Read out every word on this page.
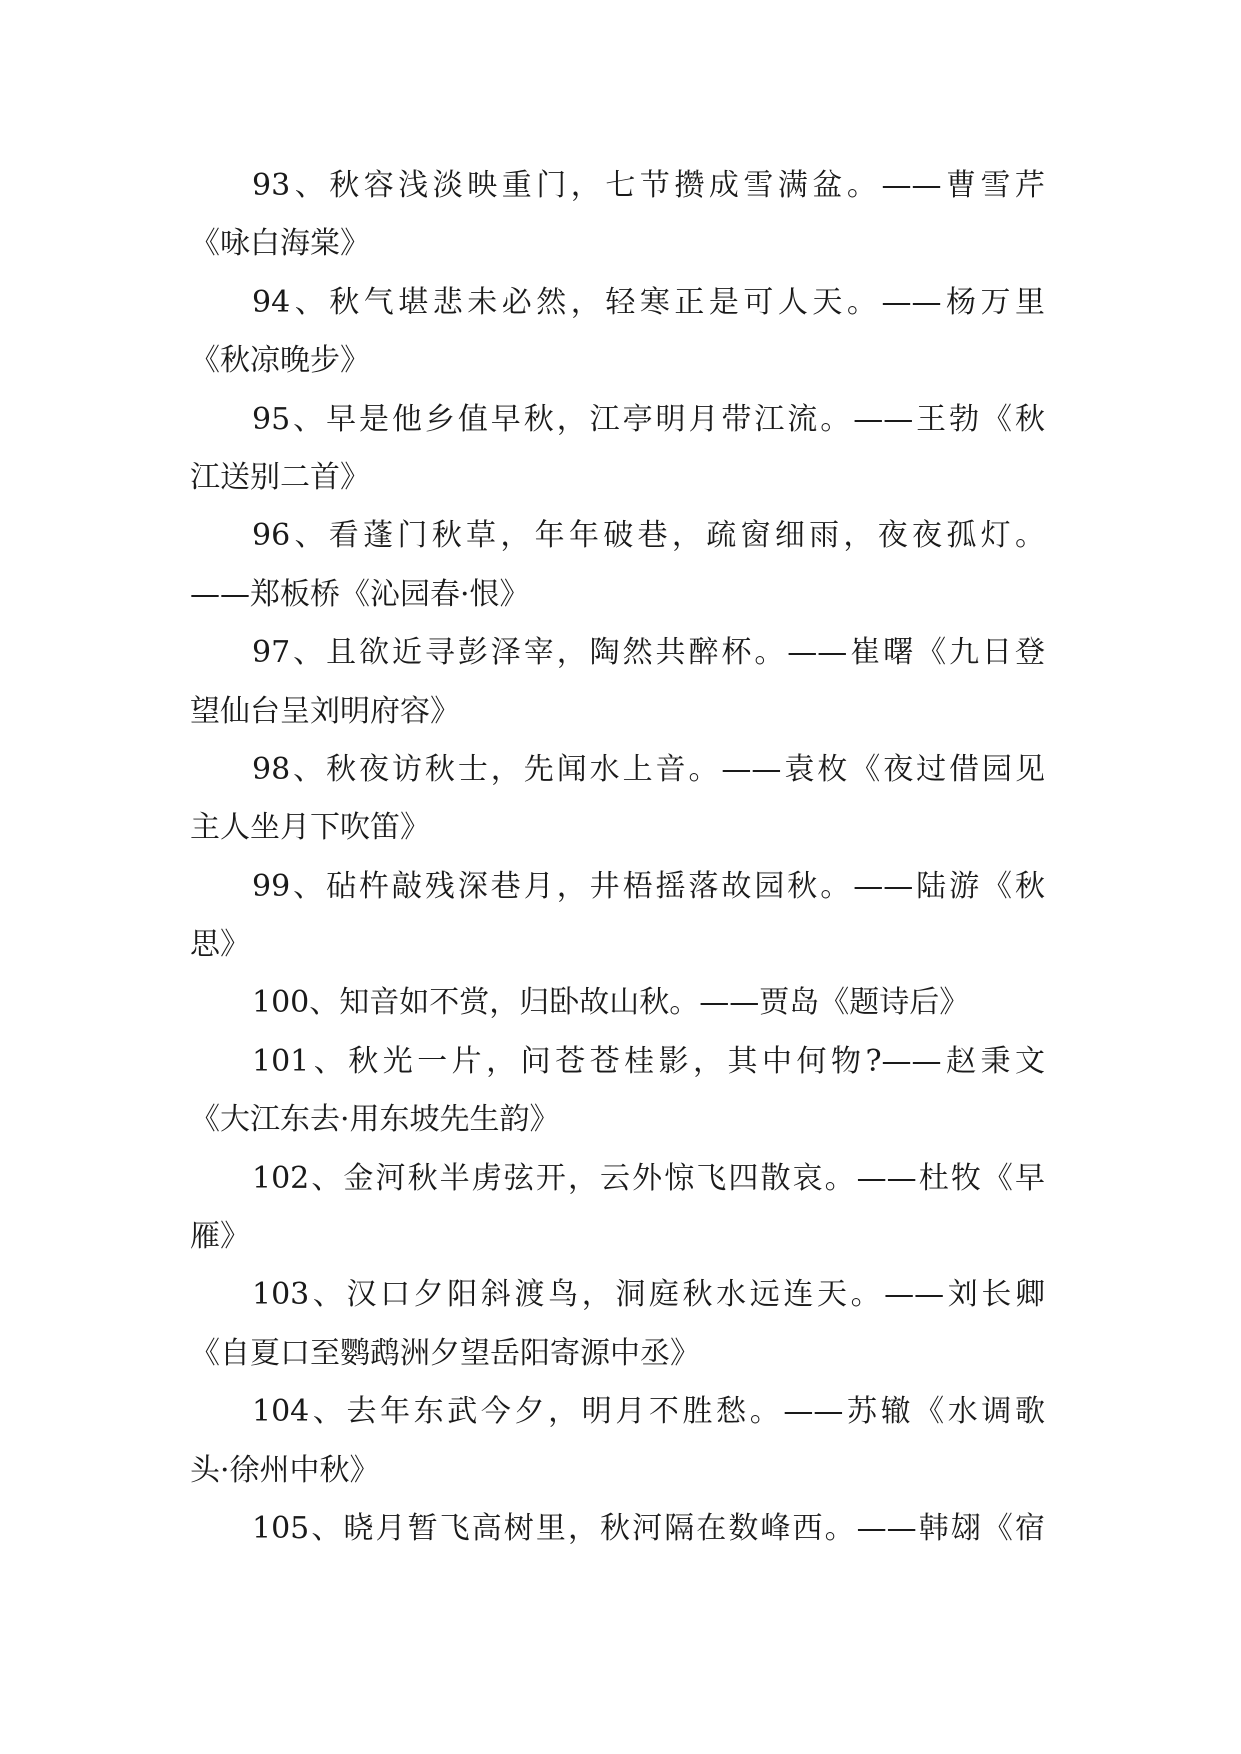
93、秋容浅淡映重门，七节攒成雪满盆。——曹雪芹
《咏白海棠》
94、秋气堪悲未必然，轻寒正是可人天。——杨万里
《秋凉晚步》
95、早是他乡值早秋，江亭明月带江流。——王勃《秋
江送别二首》
96、看蓬门秋草，年年破巷，疏窗细雨，夜夜孤灯。
——郑板桥《沁园春·恨》
97、且欲近寻彭泽宰，陶然共醉杯。——崔曙《九日登
望仙台呈刘明府容》
98、秋夜访秋士，先闻水上音。——袁枚《夜过借园见
主人坐月下吹笛》
99、砧杵敲残深巷月，井梧摇落故园秋。——陆游《秋
思》
100、知音如不赏，归卧故山秋。——贾岛《题诗后》
101、秋光一片，问苍苍桂影，其中何物?——赵秉文
《大江东去·用东坡先生韵》
102、金河秋半虏弦开，云外惊飞四散哀。——杜牧《早
雁》
103、汉口夕阳斜渡鸟，洞庭秋水远连天。——刘长卿
《自夏口至鹦鹉洲夕望岳阳寄源中丞》
104、去年东武今夕，明月不胜愁。——苏辙《水调歌
头·徐州中秋》
105、晓月暂飞高树里，秋河隔在数峰西。——韩翃《宿
